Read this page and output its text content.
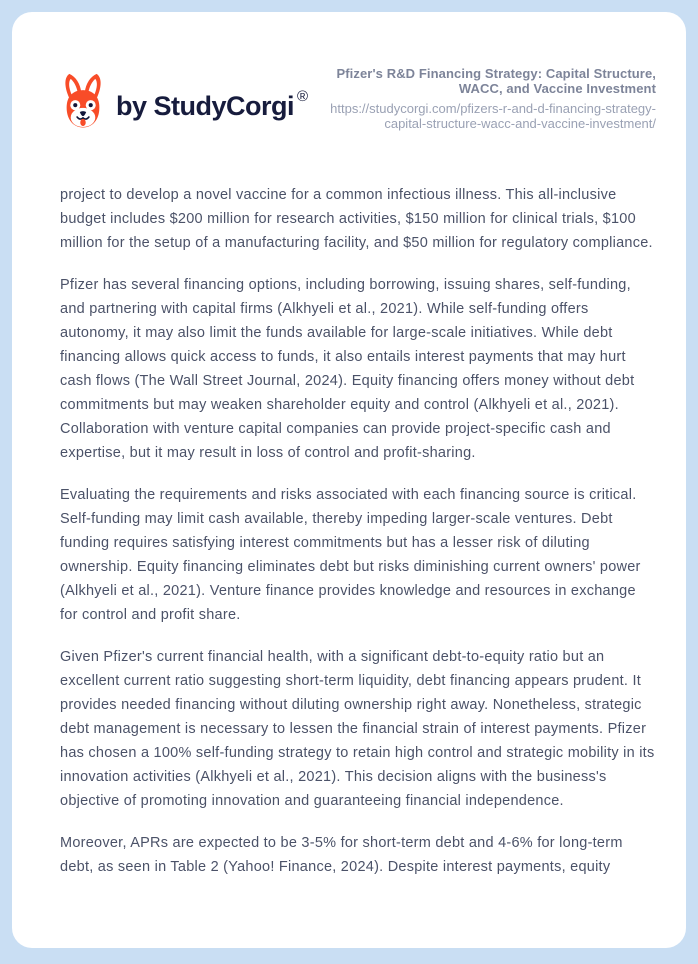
by StudyCorgi ®
Pfizer's R&D Financing Strategy: Capital Structure, WACC, and Vaccine Investment
https://studycorgi.com/pfizers-r-and-d-financing-strategy-capital-structure-wacc-and-vaccine-investment/

project to develop a novel vaccine for a common infectious illness. This all-inclusive budget includes $200 million for research activities, $150 million for clinical trials, $100 million for the setup of a manufacturing facility, and $50 million for regulatory compliance.

Pfizer has several financing options, including borrowing, issuing shares, self-funding, and partnering with capital firms (Alkhyeli et al., 2021). While self-funding offers autonomy, it may also limit the funds available for large-scale initiatives. While debt financing allows quick access to funds, it also entails interest payments that may hurt cash flows (The Wall Street Journal, 2024). Equity financing offers money without debt commitments but may weaken shareholder equity and control (Alkhyeli et al., 2021). Collaboration with venture capital companies can provide project-specific cash and expertise, but it may result in loss of control and profit-sharing.

Evaluating the requirements and risks associated with each financing source is critical. Self-funding may limit cash available, thereby impeding larger-scale ventures. Debt funding requires satisfying interest commitments but has a lesser risk of diluting ownership. Equity financing eliminates debt but risks diminishing current owners' power (Alkhyeli et al., 2021). Venture finance provides knowledge and resources in exchange for control and profit share.

Given Pfizer's current financial health, with a significant debt-to-equity ratio but an excellent current ratio suggesting short-term liquidity, debt financing appears prudent. It provides needed financing without diluting ownership right away. Nonetheless, strategic debt management is necessary to lessen the financial strain of interest payments. Pfizer has chosen a 100% self-funding strategy to retain high control and strategic mobility in its innovation activities (Alkhyeli et al., 2021). This decision aligns with the business's objective of promoting innovation and guaranteeing financial independence.

Moreover, APRs are expected to be 3-5% for short-term debt and 4-6% for long-term debt, as seen in Table 2 (Yahoo! Finance, 2024). Despite interest payments, equity
